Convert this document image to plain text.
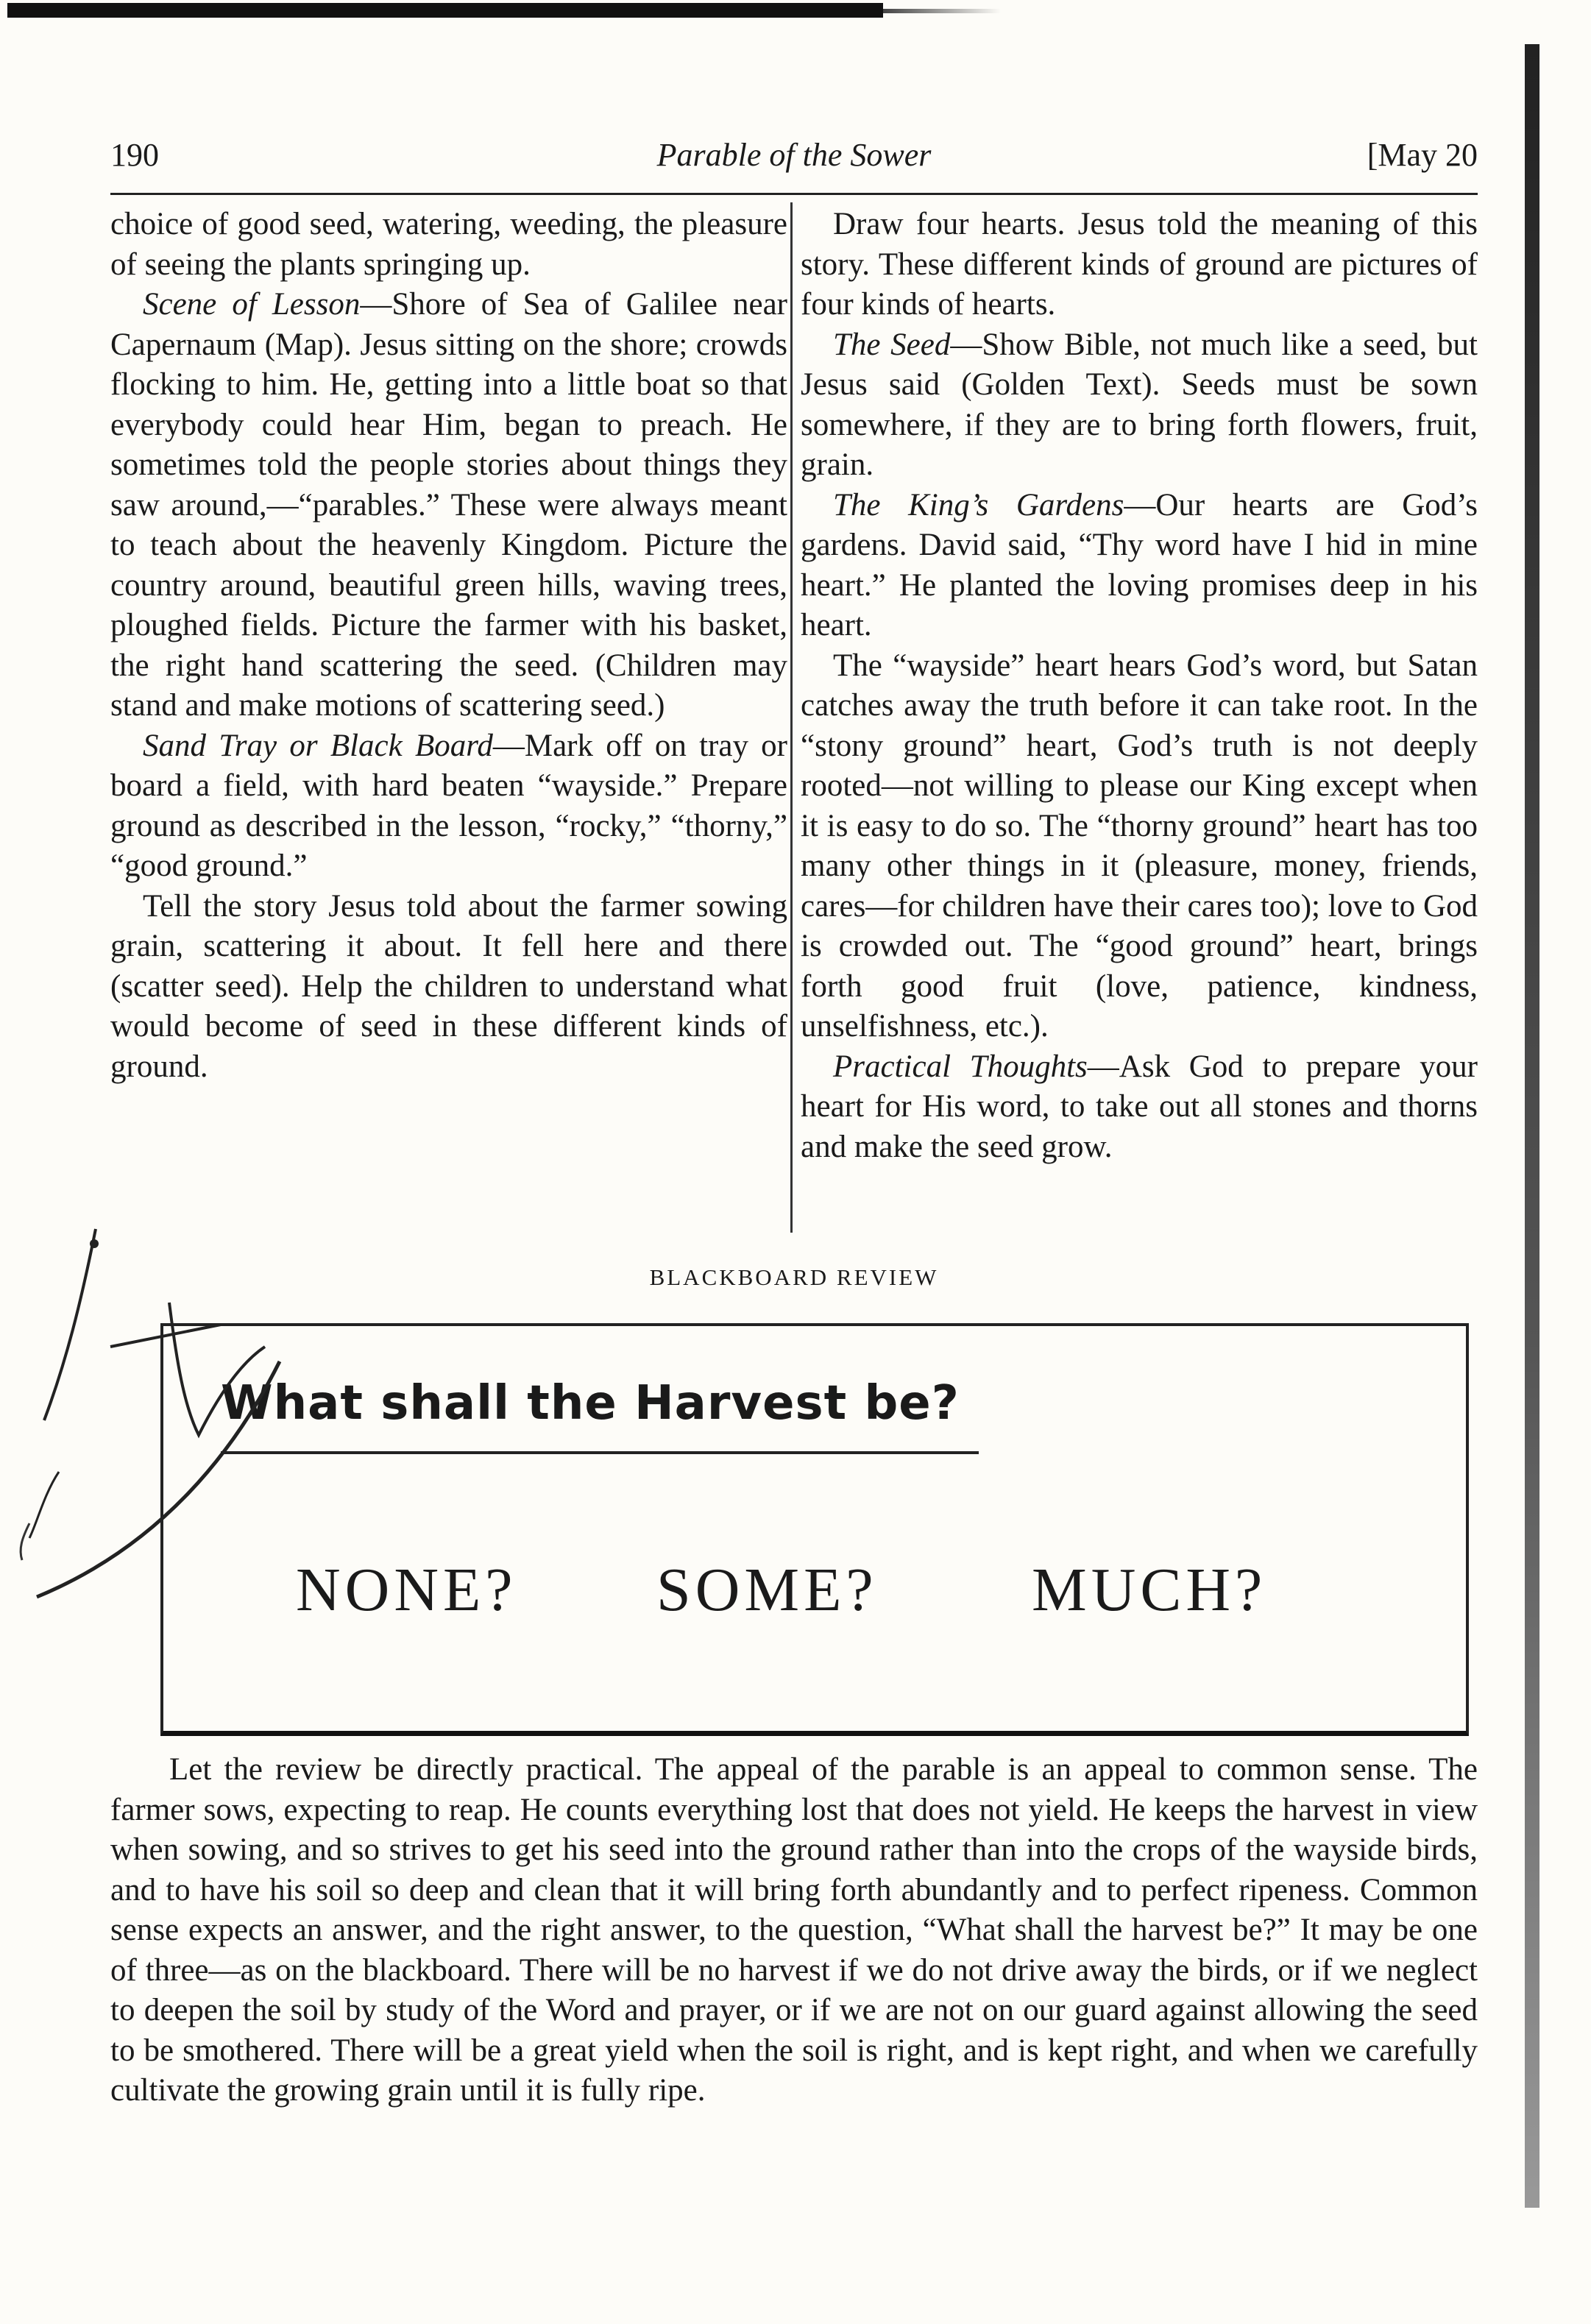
190	Parable of the Sower	[May 20

choice of good seed, watering, weeding, the pleasure of seeing the plants springing up.

Scene of Lesson—Shore of Sea of Galilee near Capernaum (Map). Jesus sitting on the shore; crowds flocking to him. He, getting into a little boat so that everybody could hear Him, began to preach. He sometimes told the people stories about things they saw around,—“parables.” These were always meant to teach about the heavenly Kingdom. Picture the country around, beautiful green hills, waving trees, ploughed fields. Picture the farmer with his basket, the right hand scattering the seed. (Children may stand and make motions of scattering seed.)

Sand Tray or Black Board—Mark off on tray or board a field, with hard beaten “wayside.” Prepare ground as described in the lesson, “rocky,” “thorny,” “good ground.”

Tell the story Jesus told about the farmer sowing grain, scattering it about. It fell here and there (scatter seed). Help the children to understand what would become of seed in these different kinds of ground.

Draw four hearts. Jesus told the meaning of this story. These different kinds of ground are pictures of four kinds of hearts.

The Seed—Show Bible, not much like a seed, but Jesus said (Golden Text). Seeds must be sown somewhere, if they are to bring forth flowers, fruit, grain.

The King’s Gardens—Our hearts are God’s gardens. David said, “Thy word have I hid in mine heart.” He planted the loving promises deep in his heart.

The “wayside” heart hears God’s word, but Satan catches away the truth before it can take root. In the “stony ground” heart, God’s truth is not deeply rooted—not willing to please our King except when it is easy to do so. The “thorny ground” heart has too many other things in it (pleasure, money, friends, cares—for children have their cares too); love to God is crowded out. The “good ground” heart, brings forth good fruit (love, patience, kindness, unselfishness, etc.).

Practical Thoughts—Ask God to prepare your heart for His word, to take out all stones and thorns and make the seed grow.

BLACKBOARD REVIEW
What shall the Harvest be?
NONE? SOME? MUCH?

Let the review be directly practical. The appeal of the parable is an appeal to common sense. The farmer sows, expecting to reap. He counts everything lost that does not yield. He keeps the harvest in view when sowing, and so strives to get his seed into the ground rather than into the crops of the wayside birds, and to have his soil so deep and clean that it will bring forth abundantly and to perfect ripeness. Common sense expects an answer, and the right answer, to the question, “What shall the harvest be?” It may be one of three—as on the blackboard. There will be no harvest if we do not drive away the birds, or if we neglect to deepen the soil by study of the Word and prayer, or if we are not on our guard against allowing the seed to be smothered. There will be a great yield when the soil is right, and is kept right, and when we carefully cultivate the growing grain until it is fully ripe.
